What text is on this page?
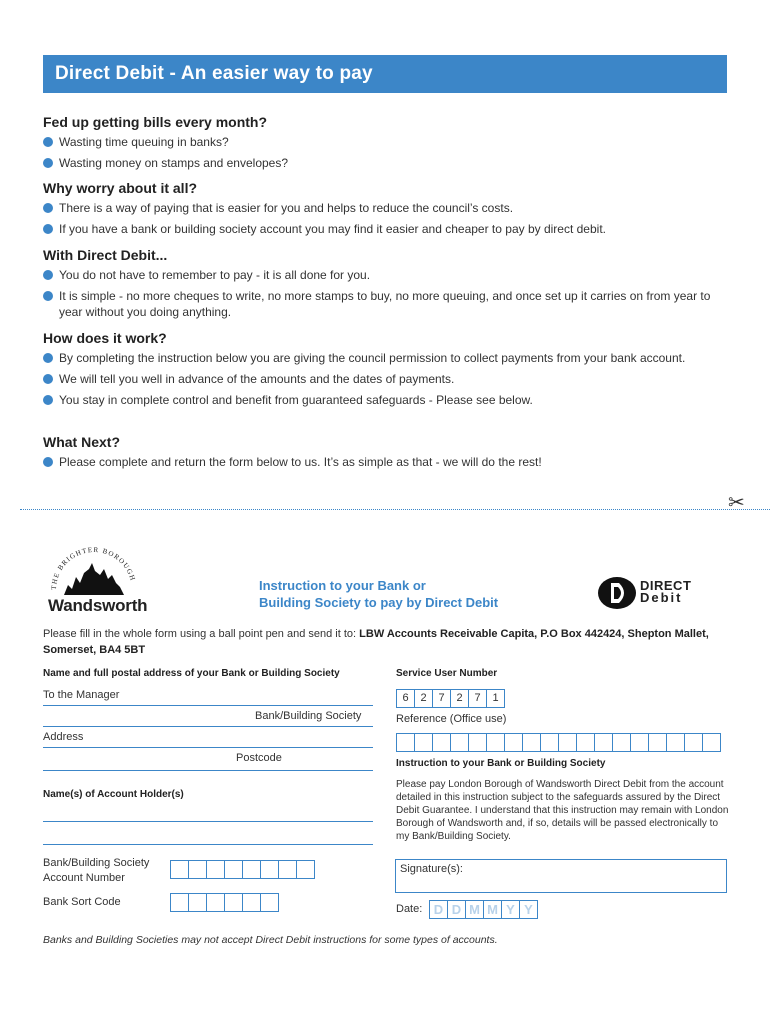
Direct Debit - An easier way to pay
Fed up getting bills every month?
Wasting time queuing in banks?
Wasting money on stamps and envelopes?
Why worry about it all?
There is a way of paying that is easier for you and helps to reduce the council’s costs.
If you have a bank or building society account you may find it easier and cheaper to pay by direct debit.
With Direct Debit...
You do not have to remember to pay - it is all done for you.
It is simple - no more cheques to write, no more stamps to buy, no more queuing, and once set up it carries on from year to year without you doing anything.
How does it work?
By completing the instruction below you are giving the council permission to collect payments from your bank account.
We will tell you well in advance of the amounts and the dates of payments.
You stay in complete control and benefit from guaranteed safeguards - Please see below.
What Next?
Please complete and return the form below to us. It’s as simple as that - we will do the rest!
✂
THE BRIGHTER BOROUGH
Wandsworth
Instruction to your Bank or
Building Society to pay by Direct Debit
DIRECT
Debit
Please fill in the whole form using a ball point pen and send it to: LBW Accounts Receivable Capita, P.O Box 442424, Shepton Mallet, Somerset, BA4 5BT
Name and full postal address of your Bank or Building Society
To the Manager
Bank/Building Society
Address
Postcode
Name(s) of Account Holder(s)
Bank/Building Society
Account Number
Bank Sort Code
Service User Number
6	2	7	2	7	1
Reference (Office use)
Instruction to your Bank or Building Society
Please pay London Borough of Wandsworth Direct Debit from the account detailed in this instruction subject to the safeguards assured by the Direct Debit Guarantee. I understand that this instruction may remain with London Borough of Wandsworth and, if so, details will be passed electronically to my Bank/Building Society.
Signature(s):
Date: D D M M Y Y
Banks and Building Societies may not accept Direct Debit instructions for some types of accounts.
